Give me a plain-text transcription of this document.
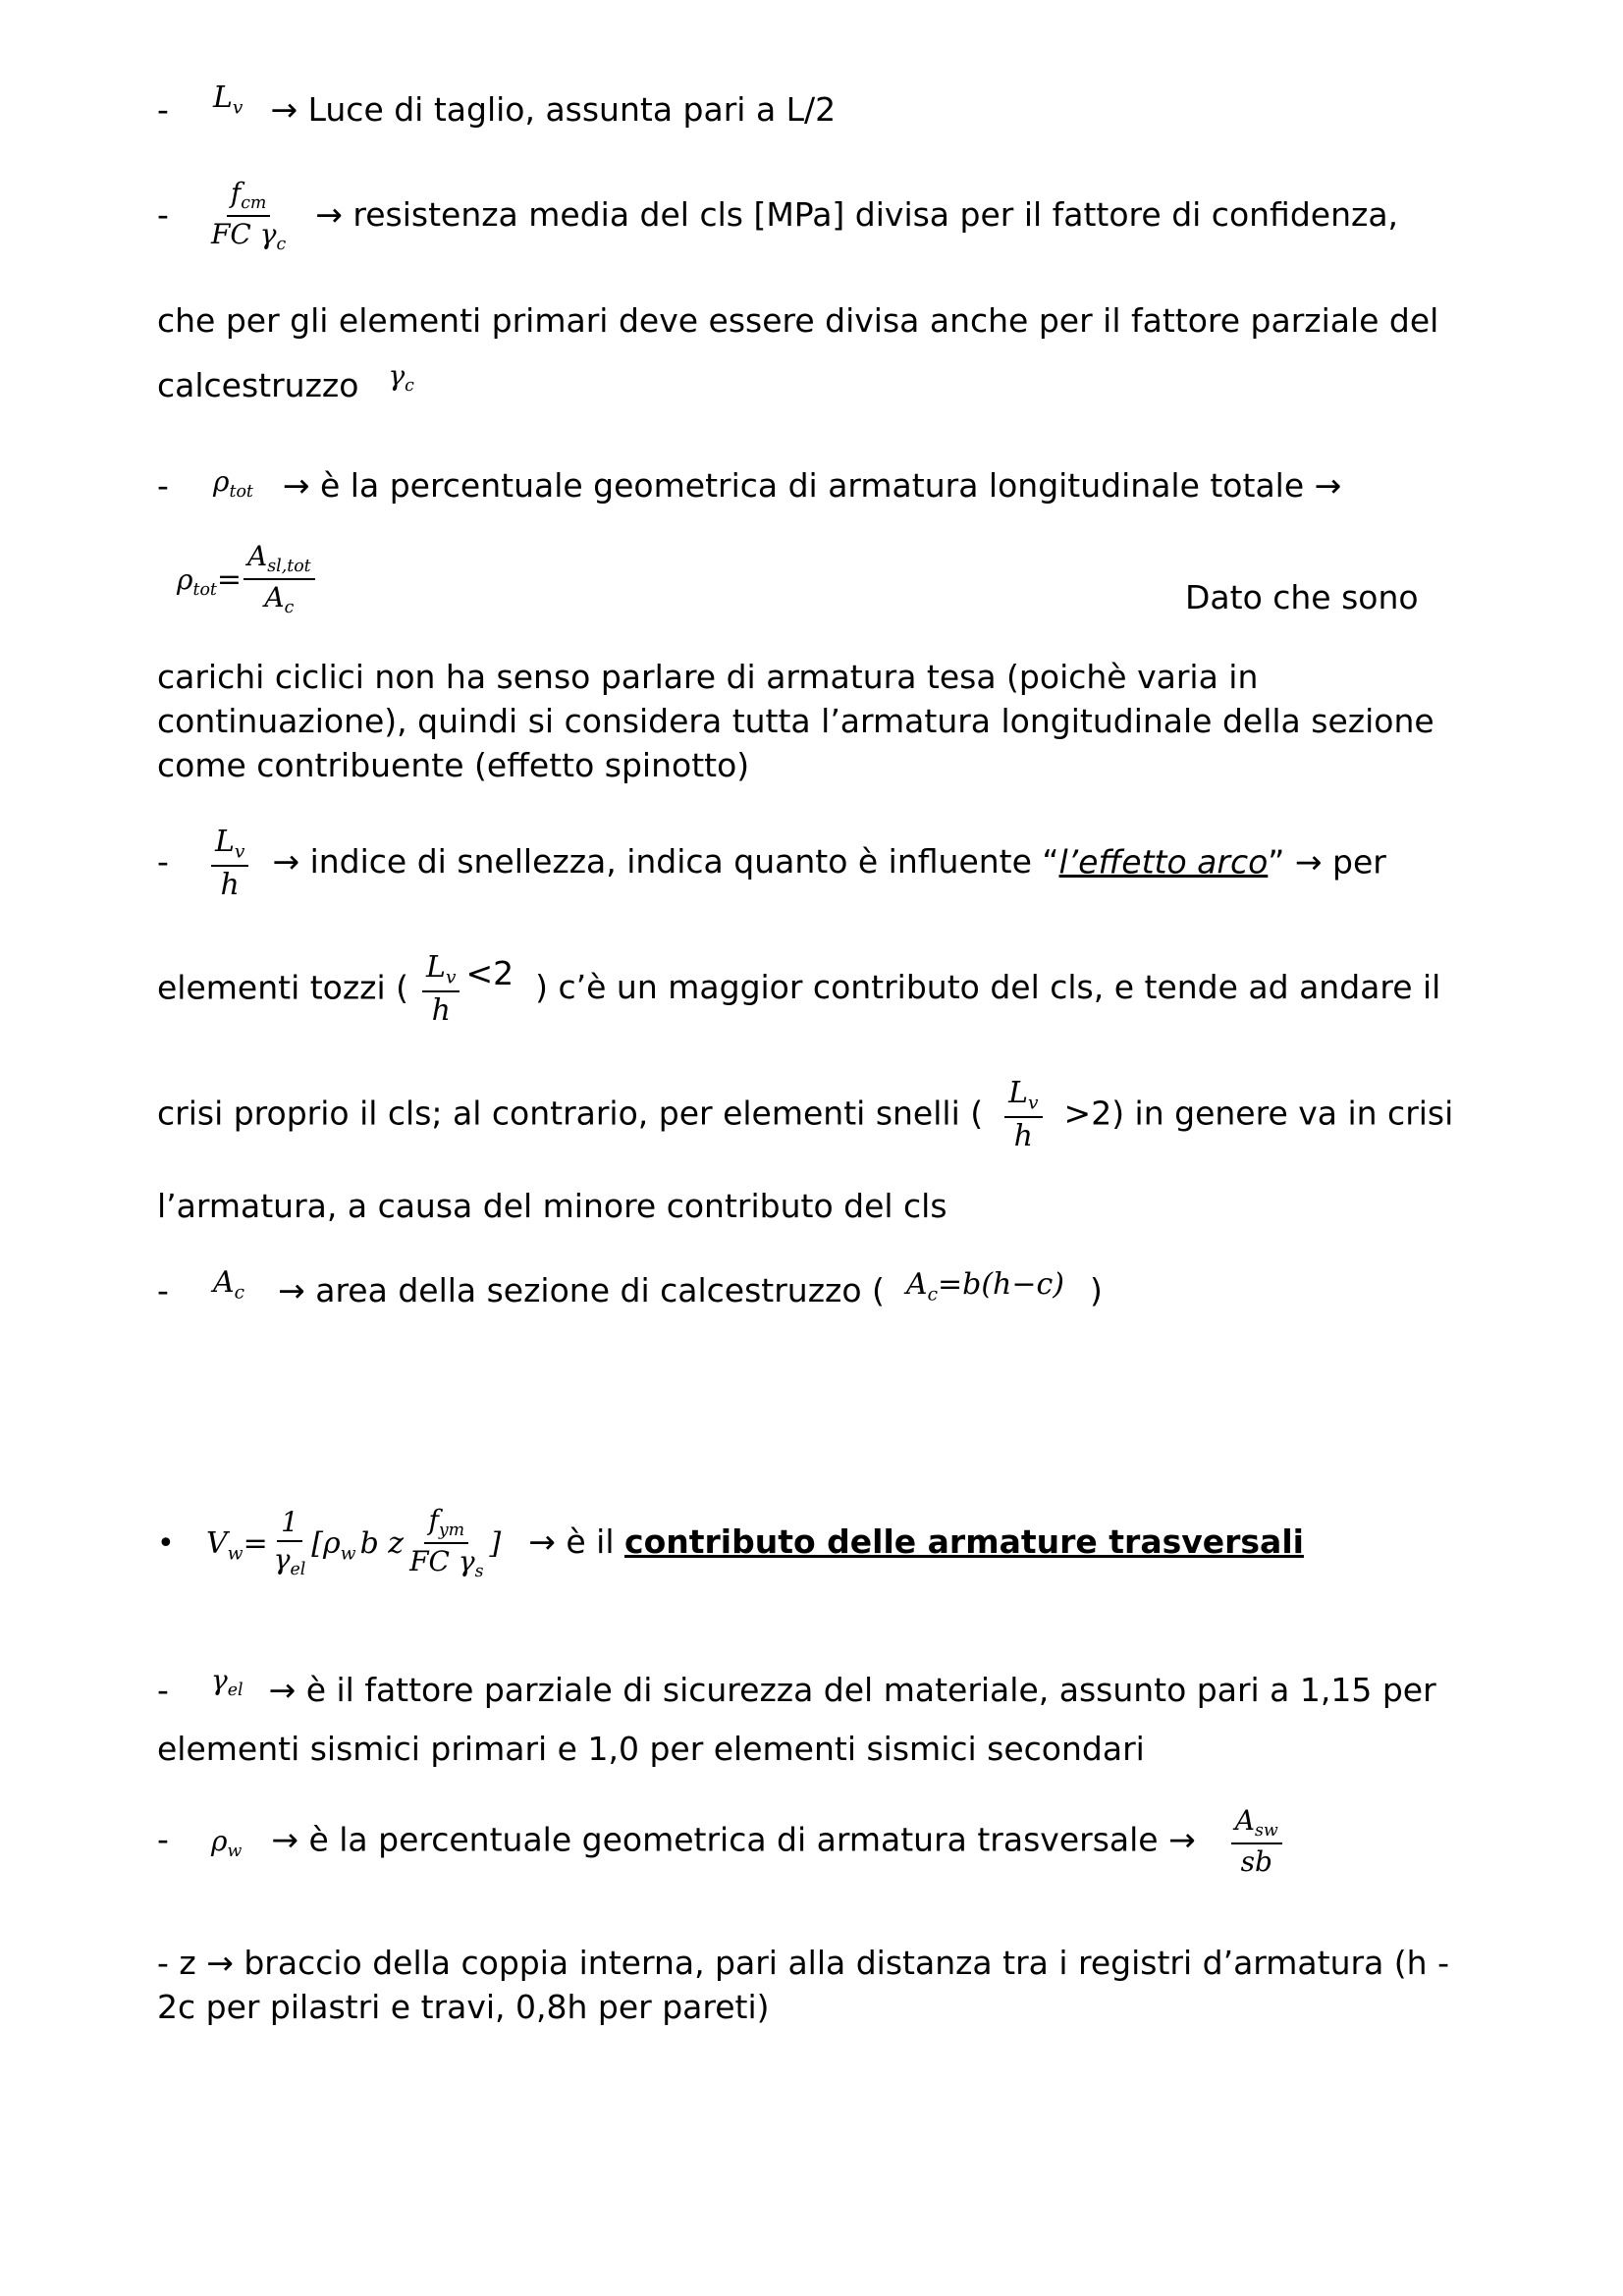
- $L_v$ → Luce di taglio, assunta pari a L/2
- $\frac{f_{cm}}{FC \gamma_c}$ → resistenza media del cls [MPa] divisa per il fattore di confidenza,
che per gli elementi primari deve essere divisa anche per il fattore parziale del
calcestruzzo $^{\gamma_c}$
- $\rho_{tot}$ → è la percentuale geometrica di armatura longitudinale totale →
$\rho_{tot}= \frac{A_{sl,tot}}{A_c}$	Dato che sono
carichi ciclici non ha senso parlare di armatura tesa (poichè varia in
continuazione), quindi si considera tutta l’armatura longitudinale della sezione
come contribuente (effetto spinotto)
- $\frac{L_v}{h}$ → indice di snellezza, indica quanto è influente “l’effetto arco” → per
elementi tozzi ( $\frac{L_v}{h} <2$ ) c’è un maggior contributo del cls, e tende ad andare il
crisi proprio il cls; al contrario, per elementi snelli ( $\frac{L_v}{h} >2$) in genere va in crisi
l’armatura, a causa del minore contributo del cls
- $A_c$ → area della sezione di calcestruzzo ( $A_c=b(h-c)$ )
• $V_w= \frac{1}{\gamma_{el}} [\rho_w$ b z $\frac{f_{ym}}{FC \gamma_s}$ ] → è il contributo delle armature trasversali
- $^{\gamma_{el}}$ → è il fattore parziale di sicurezza del materiale, assunto pari a 1,15 per
elementi sismici primari e 1,0 per elementi sismici secondari
- $\rho_w$ → è la percentuale geometrica di armatura trasversale → $\frac{A_{sw}}{sb}$
- z → braccio della coppia interna, pari alla distanza tra i registri d’armatura (h -
2c per pilastri e travi, 0,8h per pareti)
